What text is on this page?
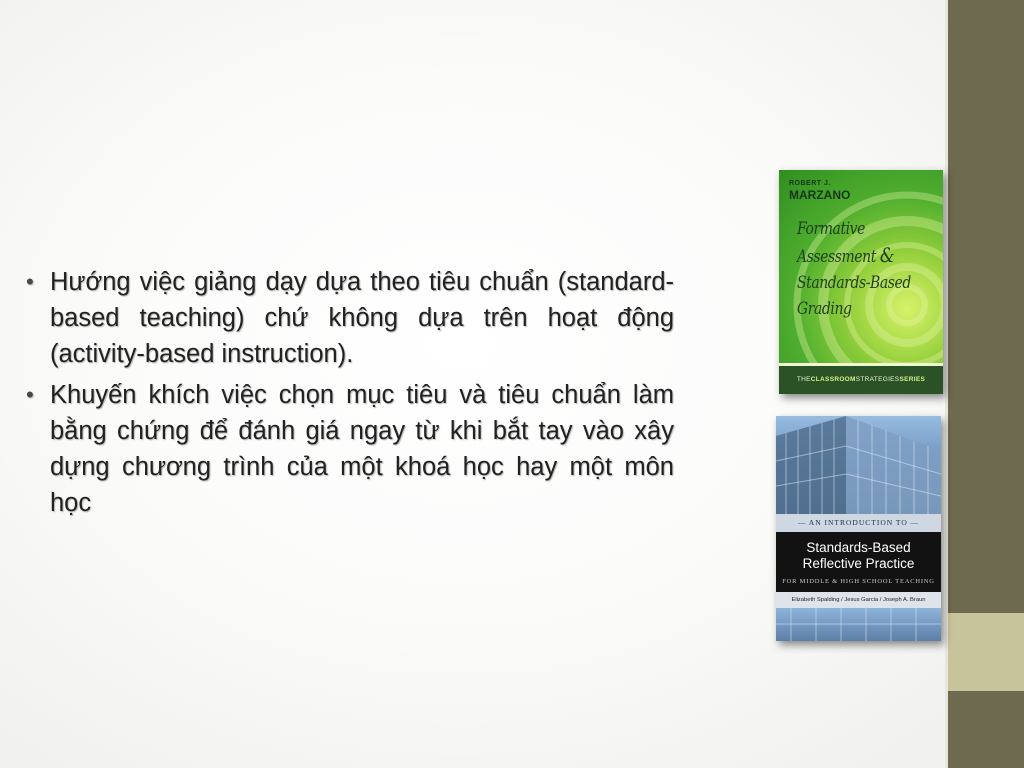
• Hướng việc giảng dạy dựa theo tiêu chuẩn (standard-based teaching) chứ không dựa trên hoạt động (activity-based instruction).
• Khuyến khích việc chọn mục tiêu và tiêu chuẩn làm bằng chứng để đánh giá ngay từ khi bắt tay vào xây dựng chương trình của một khoá học hay một môn học
ROBERT J.
MARZANO
Formative
Assessment &
Standards-Based
Grading
THECLASSROOMSTRATEGIESSERIES
— AN INTRODUCTION TO —
Standards-Based
Reflective Practice
FOR MIDDLE & HIGH SCHOOL TEACHING
Elizabeth Spalding / Jesus Garcia / Joseph A. Braun
